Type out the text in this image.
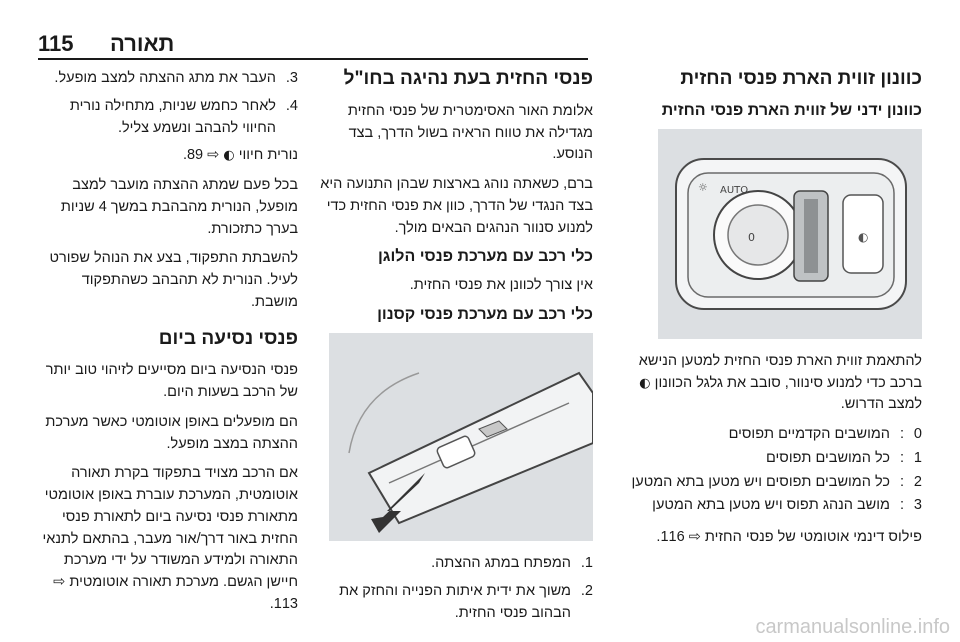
115 תאורה
כוונון זווית הארת פנסי החזית
כוונון ידני של זווית הארת פנסי החזית
AUTO
0	◐
☼

להתאמת זווית הארת פנסי החזית למטען הנישא ברכב כדי למנוע סינוור, סובב את גלגל הכוונון ◐ למצב הדרוש.

0
:
המושבים הקדמיים תפוסים
1
:
כל המושבים תפוסים
2
:
כל המושבים תפוסים ויש מטען בתא המטען
3
:
מושב הנהג תפוס ויש מטען בתא המטען

פילוס דינמי אוטומטי של פנסי החזית ⇨ 116.

פנסי החזית בעת נהיגה בחו"ל

אלומת האור האסימטרית של פנסי החזית מגדילה את טווח הראיה בשול הדרך, בצד הנוסע.

ברם, כשאתה נוהג בארצות שבהן התנועה היא בצד הנגדי של הדרך, כוון את פנסי החזית כדי למנוע סנוור הנהגים הבאים מולך.

כלי רכב עם מערכת פנסי הלוגן

אין צורך לכוונן את פנסי החזית.

כלי רכב עם מערכת פנסי קסנון
1.
המפתח במתג ההצתה.
2.
משוך את ידית איתות הפנייה והחזק את הבהוב פנסי החזית.
3.
העבר את מתג ההצתה למצב מופעל.
4.
לאחר כחמש שניות, מתחילה נורית החיווי להבהב ונשמע צליל.

נורית חיווי ◐ ⇨ 89.

בכל פעם שמתג ההצתה מועבר למצב מופעל, הנורית מהבהבת במשך 4 שניות בערך כתזכורת.

להשבתת התפקוד, בצע את הנוהל שפורט לעיל. הנורית לא תהבהב כשהתפקוד מושבת.

פנסי נסיעה ביום

פנסי הנסיעה ביום מסייעים לזיהוי טוב יותר של הרכב בשעות היום.

הם מופעלים באופן אוטומטי כאשר מערכת ההצתה במצב מופעל.

אם הרכב מצויד בתפקוד בקרת תאורה אוטומטית, המערכת עוברת באופן אוטומטי מתאורת פנסי נסיעה ביום לתאורת פנסי החזית באור דרך/אור מעבר, בהתאם לתנאי התאורה ולמידע המשודר על ידי מערכת חיישן הגשם. מערכת תאורה אוטומטית ⇨ 113.

carmanualsonline.info
